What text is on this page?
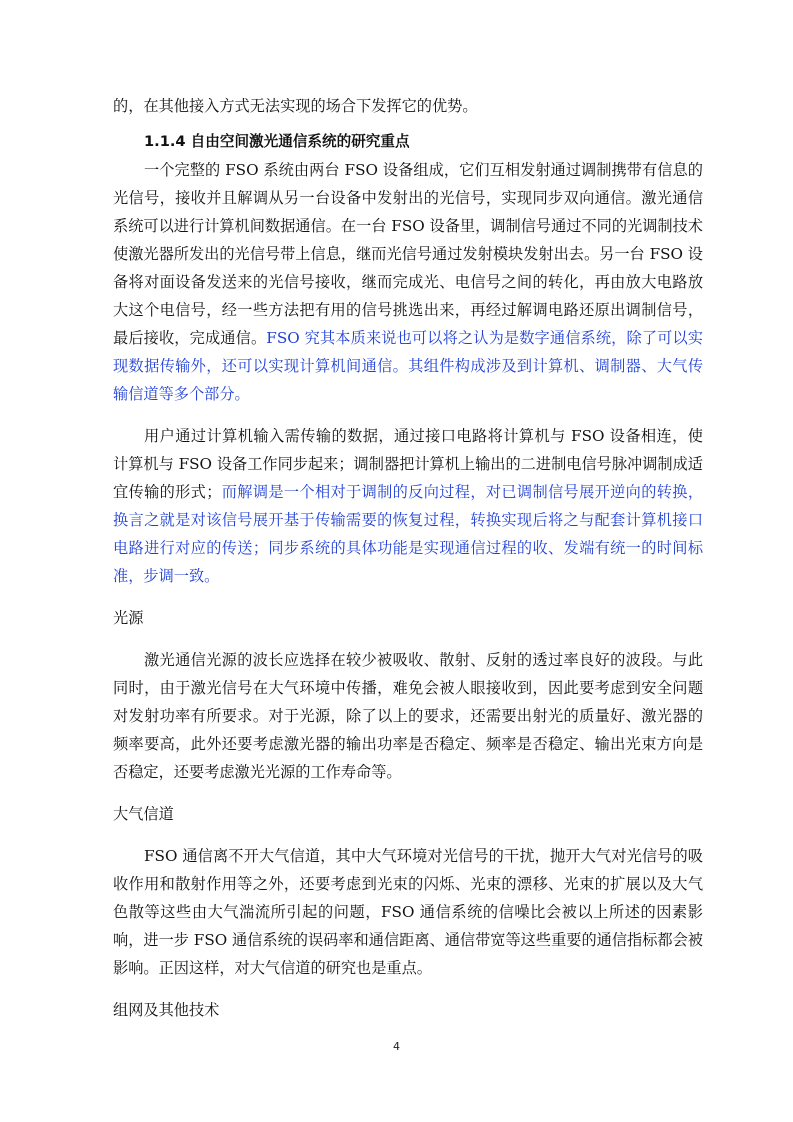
的，在其他接入方式无法实现的场合下发挥它的优势。

1.1.4 自由空间激光通信系统的研究重点

一个完整的 FSO 系统由两台 FSO 设备组成，它们互相发射通过调制携带有信息的光信号，接收并且解调从另一台设备中发射出的光信号，实现同步双向通信。激光通信系统可以进行计算机间数据通信。在一台 FSO 设备里，调制信号通过不同的光调制技术使激光器所发出的光信号带上信息，继而光信号通过发射模块发射出去。另一台 FSO 设备将对面设备发送来的光信号接收，继而完成光、电信号之间的转化，再由放大电路放大这个电信号，经一些方法把有用的信号挑选出来，再经过解调电路还原出调制信号，最后接收，完成通信。FSO 究其本质来说也可以将之认为是数字通信系统，除了可以实现数据传输外，还可以实现计算机间通信。其组件构成涉及到计算机、调制器、大气传输信道等多个部分。

用户通过计算机输入需传输的数据，通过接口电路将计算机与 FSO 设备相连，使计算机与 FSO 设备工作同步起来；调制器把计算机上输出的二进制电信号脉冲调制成适宜传输的形式；而解调是一个相对于调制的反向过程，对已调制信号展开逆向的转换，换言之就是对该信号展开基于传输需要的恢复过程，转换实现后将之与配套计算机接口电路进行对应的传送；同步系统的具体功能是实现通信过程的收、发端有统一的时间标准，步调一致。

光源

激光通信光源的波长应选择在较少被吸收、散射、反射的透过率良好的波段。与此同时，由于激光信号在大气环境中传播，难免会被人眼接收到，因此要考虑到安全问题对发射功率有所要求。对于光源，除了以上的要求，还需要出射光的质量好、激光器的频率要高，此外还要考虑激光器的输出功率是否稳定、频率是否稳定、输出光束方向是否稳定，还要考虑激光光源的工作寿命等。

大气信道

FSO 通信离不开大气信道，其中大气环境对光信号的干扰，抛开大气对光信号的吸收作用和散射作用等之外，还要考虑到光束的闪烁、光束的漂移、光束的扩展以及大气色散等这些由大气湍流所引起的问题，FSO 通信系统的信噪比会被以上所述的因素影响，进一步 FSO 通信系统的误码率和通信距离、通信带宽等这些重要的通信指标都会被影响。正因这样，对大气信道的研究也是重点。

组网及其他技术

4
